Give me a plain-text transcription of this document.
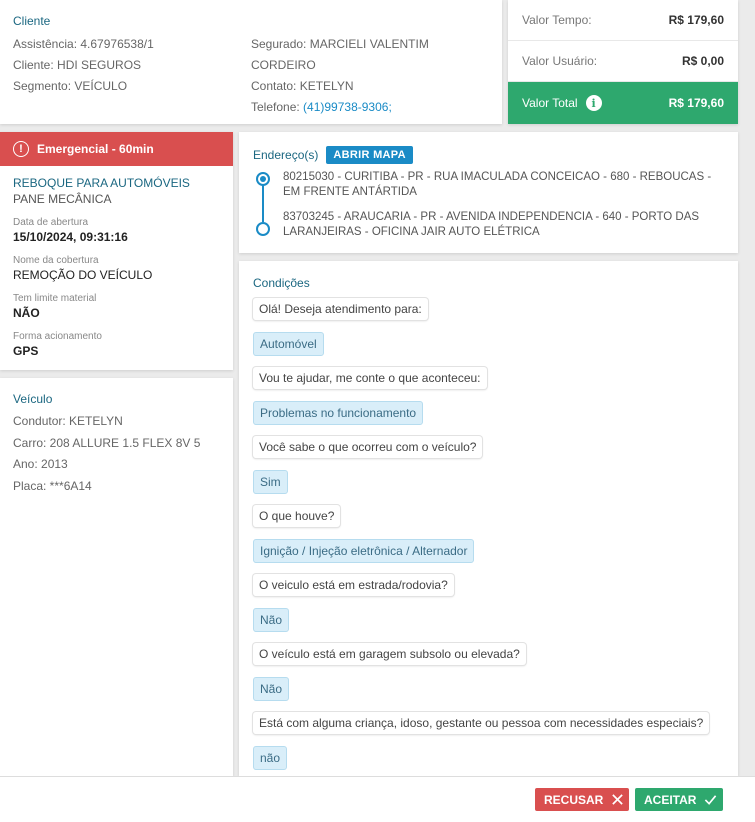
Cliente
Assistência: 4.67976538/1
Cliente: HDI SEGUROS
Segmento: VEÍCULO
Segurado: MARCIELI VALENTIM CORDEIRO
Contato: KETELYN
Telefone: (41)99738-9306;
Valor Tempo:	R$ 179,60
Valor Usuário:	R$ 0,00
Valor Total	i	R$ 179,60
!	Emergencial - 60min
REBOQUE PARA AUTOMÓVEIS
PANE MECÂNICA
Data de abertura
15/10/2024, 09:31:16
Nome da cobertura
REMOÇÃO DO VEÍCULO
Tem limite material
NÃO
Forma acionamento
GPS
Veículo
Condutor: KETELYN
Carro: 208 ALLURE 1.5 FLEX 8V 5
Ano: 2013
Placa: ***6A14
Endereço(s)	ABRIR MAPA
80215030 - CURITIBA - PR - RUA IMACULADA CONCEICAO - 680 - REBOUCAS - EM FRENTE ANTÁRTIDA
83703245 - ARAUCARIA - PR - AVENIDA INDEPENDENCIA - 640 - PORTO DAS LARANJEIRAS - OFICINA JAIR AUTO ELÉTRICA
Condições
Olá! Deseja atendimento para:
Automóvel
Vou te ajudar, me conte o que aconteceu:
Problemas no funcionamento
Você sabe o que ocorreu com o veículo?
Sim
O que houve?
Ignição / Injeção eletrônica / Alternador
O veiculo está em estrada/rodovia?
Não
O veículo está em garagem subsolo ou elevada?
Não
Está com alguma criança, idoso, gestante ou pessoa com necessidades especiais?
não
RECUSAR	ACEITAR
